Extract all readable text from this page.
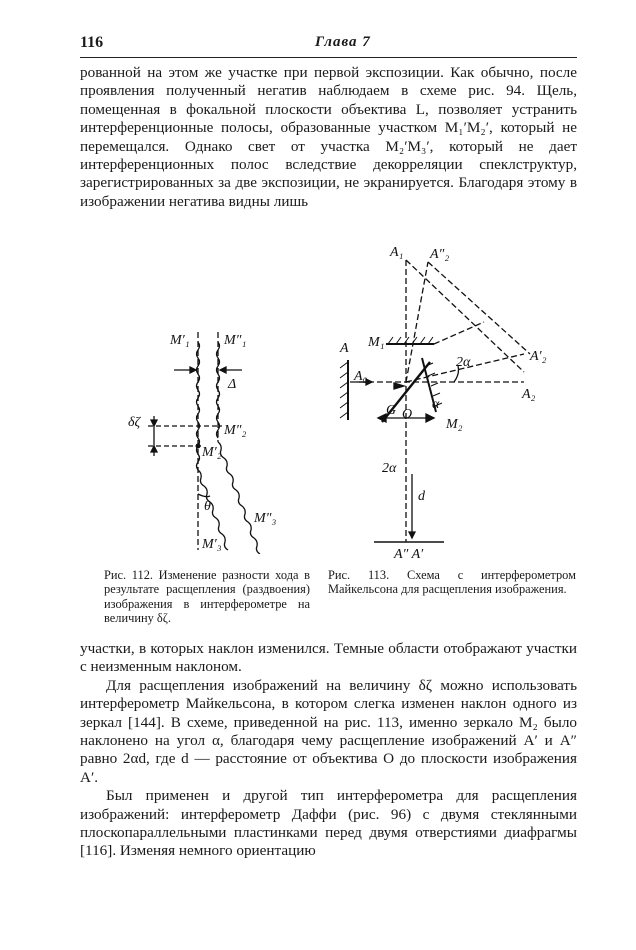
116	Глава 7

рованной на этом же участке при первой экспозиции. Как обычно, после проявления полученный негатив наблюдаем в схеме рис. 94. Щель, помещенная в фокальной плоскости объектива L, позволяет устранить интерференционные полосы, образованные участком M₁′M₂′, который не перемещался. Однако свет от участка M₂′M₃′, который не дает интерференционных полос вследствие декорреляции спеклструктур, зарегистрированных за две экспозиции, не экранируется. Благодаря этому в изображении негатива видны лишь

M′₁ M″₁
Δ
δζ
M″₂
M′₂
θ
M″₃
M′₃
Рис. 112. Изменение разности хода в результате расщепления (раздвоения) изображения в интерферометре на величину δζ.
A₁ A″₂
A M₁
A₀
2α	A′₂
A₂
α
G O
M₂
2α
d
A″ A′
Рис. 113. Схема с интерферометром Майкельсона для расщепления изображения.

участки, в которых наклон изменился. Темные области отображают участки с неизменным наклоном.

Для расщепления изображений на величину δζ можно использовать интерферометр Майкельсона, в котором слегка изменен наклон одного из зеркал [144]. В схеме, приведенной на рис. 113, именно зеркало M₂ было наклонено на угол α, благодаря чему расщепление изображений A′ и A″ равно 2αd, где d — расстояние от объектива O до плоскости изображения A′.

Был применен и другой тип интерферометра для расщепления изображений: интерферометр Даффи (рис. 96) с двумя стеклянными плоскопараллельными пластинками перед двумя отверстиями диафрагмы [116]. Изменяя немного ориентацию
